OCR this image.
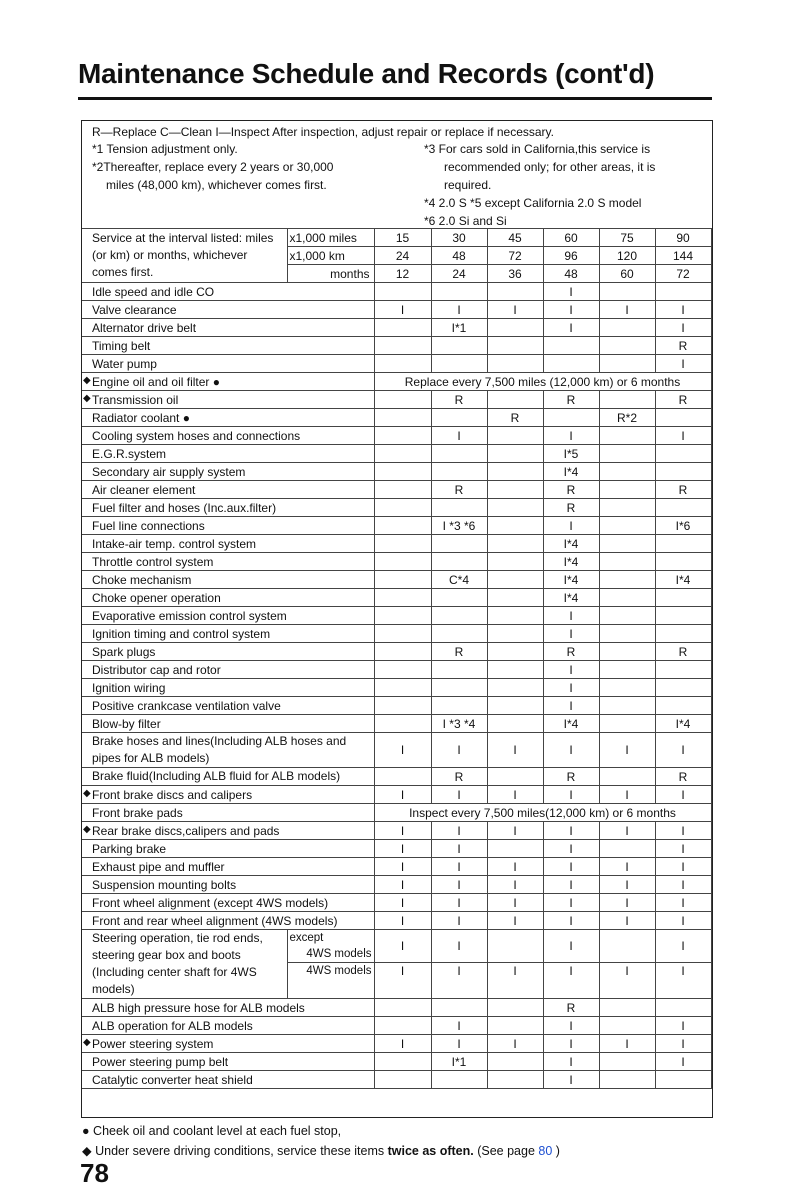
Maintenance Schedule and Records (cont'd)
R—Replace C—Clean I—Inspect After inspection, adjust repair or replace if necessary.
*1 Tension adjustment only.
*2Thereafter, replace every 2 years or 30,000
miles (48,000 km), whichever comes first.
*3 For cars sold in California,this service is
recommended only; for other areas, it is
required.
*4 2.0 S *5 except California 2.0 S model
*6 2.0 Si and Si
Service at the interval listed: miles (or km) or months, whichever comes first.	x1,000 miles	15	30	45	60	75	90
	x1,000 km	24	48	72	96	120	144
	months	12	24	36	48	60	72
Idle speed and idle CO					I		
Valve clearance		I	I	I	I	I	I
Alternator drive belt			I*1		I		I
Timing belt							R
Water pump							I

◆ Engine oil and oil filter ●		Replace every 7,500 miles (12,000 km) or 6 months					

◆ Transmission oil			R		R		R
Radiator coolant ●				R		R*2	
Cooling system hoses and connections			I		I		I
E.G.R.system					I*5		
Secondary air supply system					I*4		
Air cleaner element			R		R		R
Fuel filter and hoses (Inc.aux.filter)					R		
Fuel line connections			I *3 *6		I		I*6
Intake-air temp. control system					I*4		
Throttle control system					I*4		
Choke mechanism			C*4		I*4		I*4
Choke opener operation					I*4		
Evaporative emission control system					I		
Ignition timing and control system					I		
Spark plugs			R		R		R
Distributor cap and rotor					I		
Ignition wiring					I		
Positive crankcase ventilation valve					I		
Blow-by filter			I *3 *4		I*4		I*4
Brake hoses and lines(Including ALB hoses and pipes for ALB models)		I	I	I	I	I	I
Brake fluid(Including ALB fluid for ALB models)			R		R		R

◆ Front brake discs and calipers		I	I	I	I	I	I
Front brake pads		Inspect every 7,500 miles(12,000 km) or 6 months					

◆ Rear brake discs,calipers and pads		I	I	I	I	I	I
Parking brake		I	I		I		I
Exhaust pipe and muffler		I	I	I	I	I	I
Suspension mounting bolts		I	I	I	I	I	I
Front wheel alignment (except 4WS models)		I	I	I	I	I	I
Front and rear wheel alignment (4WS models)		I	I	I	I	I	I
Steering operation, tie rod ends, steering gear box and boots (Including center shaft for 4WS models)	except
4WS models	I	I		I		I
	4WS models	I	I	I	I	I	I
ALB high pressure hose for ALB models					R		
ALB operation for ALB models			I		I		I

◆ Power steering system		I	I	I	I	I	I
Power steering pump belt			I*1		I		I
Catalytic converter heat shield					I		
● Cheek oil and coolant level at each fuel stop,
◆ Under severe driving conditions, service these items twice as often. (See page 80 )
78
